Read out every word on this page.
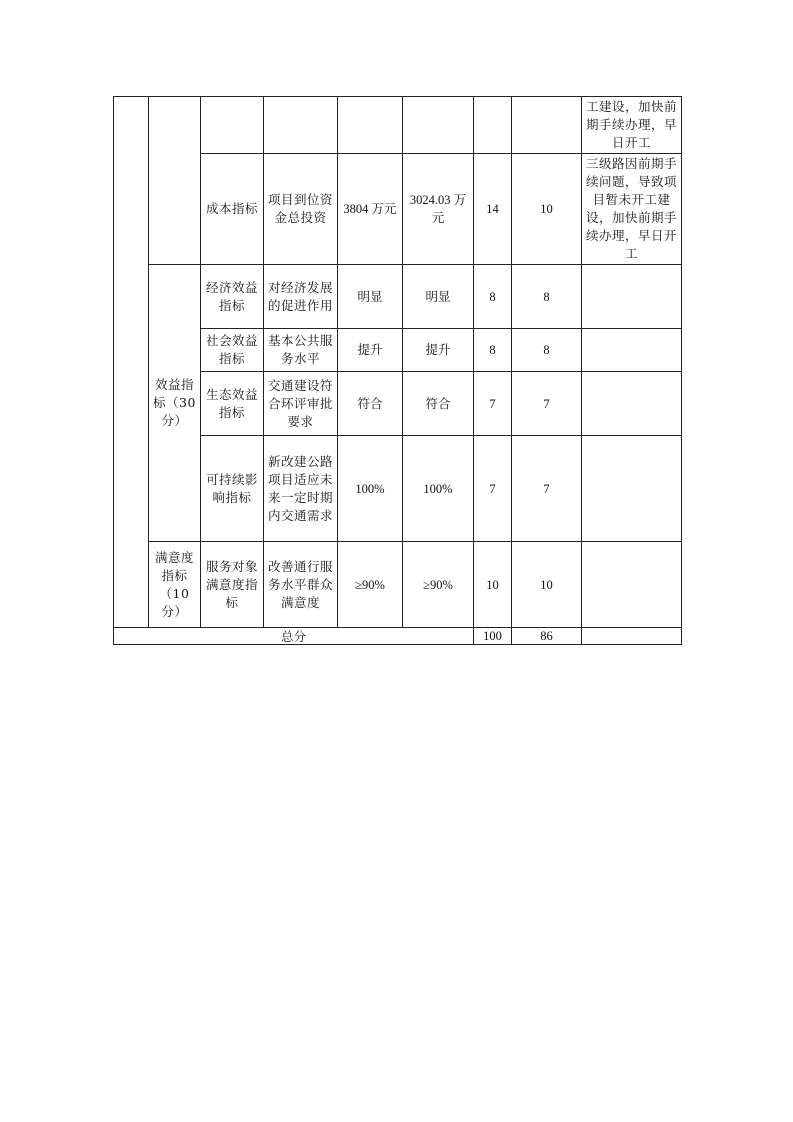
								工建设，加快前期手续办理，早日开工
		成本指标	项目到位资金总投资	3804 万元	3024.03 万元	14	10	三级路因前期手续问题，导致项目暂未开工建设，加快前期手续办理，早日开工
	效益指标（30分）	经济效益指标	对经济发展的促进作用	明显	明显	8	8	
		社会效益指标	基本公共服务水平	提升	提升	8	8	
		生态效益指标	交通建设符合环评审批要求	符合	符合	7	7	
		可持续影响指标	新改建公路项目适应未来一定时期内交通需求	100%	100%	7	7	
	满意度指标（10分）	服务对象满意度指标	改善通行服务水平群众满意度	≥90%	≥90%	10	10	
总分						100	86	
